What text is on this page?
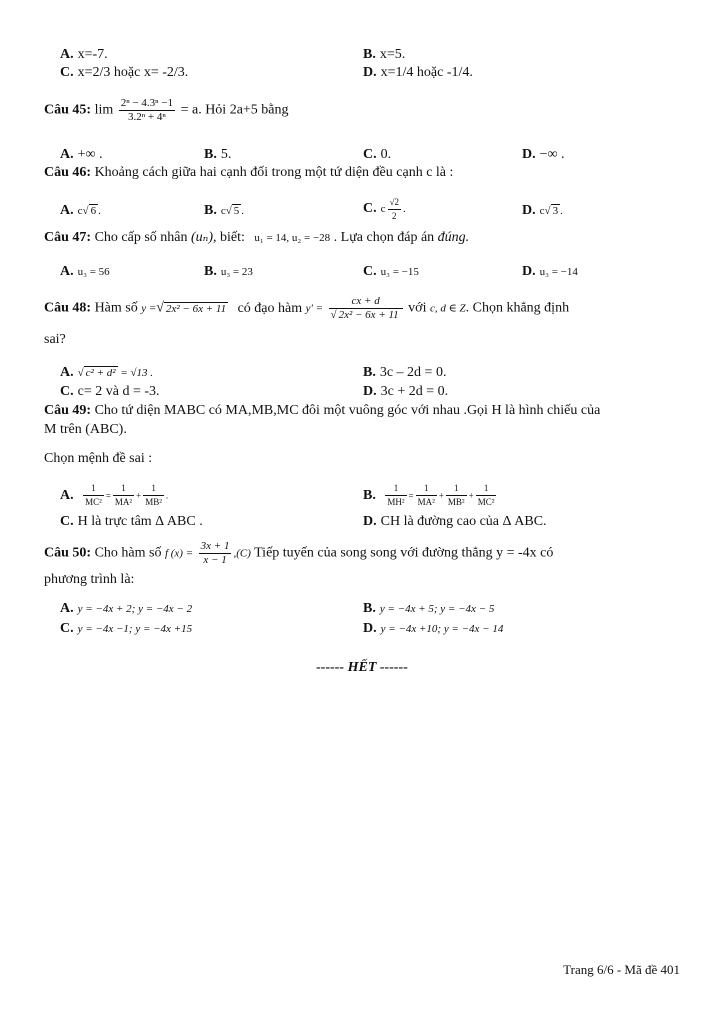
A. x=-7.	B. x=5.
C. x=2/3 hoặc x= -2/3.	D. x=1/4 hoặc -1/4.
Câu 45: $\lim \frac{\text{2ⁿ − 4.3ⁿ −1}}{\text{3.2ⁿ + 4ⁿ}} = a$. Hỏi 2a+5 bằng
A. +∞ .	B. 5.	C. 0.	D. −∞ .
Câu 46: Khoảng cách giữa hai cạnh đối trong một tứ diện đều cạnh c là :
A. c√ 6 .	B. c√ 5 .	C. c $\frac{√2}{2}$ .	D. c√ 3 .
Câu 47: Cho cấp số nhân (uₙ), biết: u₁ = 14, u₂ = −28 . Lựa chọn đáp án đúng.
A. u₃ = 56	B. u₃ = 23	C. u₃ = −15	D. u₃ = −14
Câu 48: Hàm số y =√ 2x² − 6x + 11 có đạo hàm $y' = \frac{cx + d}{\text{√ 2x² − 6x + 11}}$ với c, d ∈ Z. Chọn khẳng định
sai?
A. √ c² + d² = √13 .	B. 3c – 2d = 0.
C. c= 2 và d = -3.	D. 3c + 2d = 0.
Câu 49: Cho tứ diện MABC có MA,MB,MC đôi một vuông góc với nhau .Gọi H là hình chiếu của
M trên (ABC).
Chọn mệnh đề sai :
A. $\frac{1}{\text{MC²}} = \frac{1}{\text{MA²}} + \frac{1}{\text{MB²}}$ .	B. $\frac{1}{\text{MH²}} = \frac{1}{\text{MA²}} + \frac{1}{\text{MB²}} + \frac{1}{\text{MC²}}$
C. H là trực tâm Δ ABC .	D. CH là đường cao của Δ ABC.
Câu 50: Cho hàm số f $(x) = \frac{3x + 1}{x - 1} ,(C)$ Tiếp tuyến của song song với đường thẳng y = -4x có
phương trình là:
A. y = −4x + 2; y = −4x − 2	B. y = −4x + 5; y = −4x − 5
C. y = −4x −1; y = −4x +15	D. y = −4x +10; y = −4x − 14
------ HẾT ------
Trang 6/6 - Mã đề 401
